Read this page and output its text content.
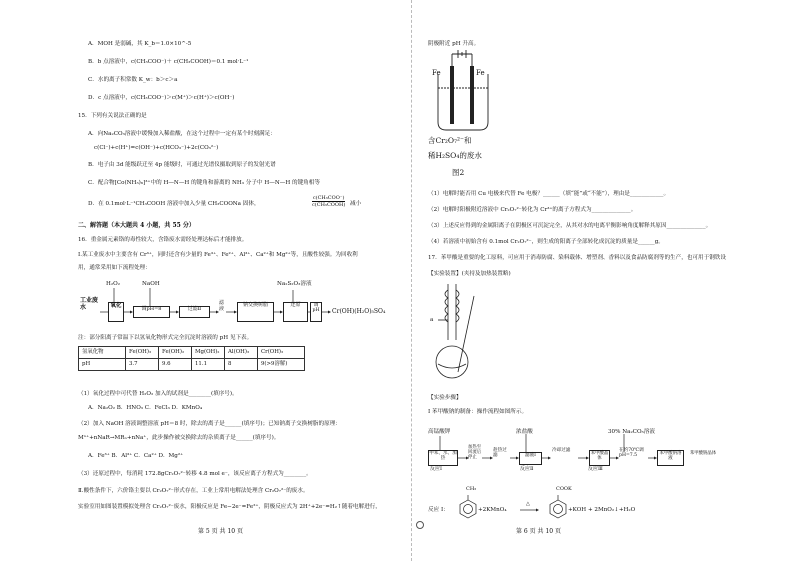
A．MOH 是弱碱，其 K_b＝1.0×10^-5
B．b 点溶液中，c(CH₃COO⁻)＋ c(CH₃COOH)＝0.1 mol·L⁻¹
C．水的离子积常数 K_w：b＞c＞a
D．c 点溶液中，c(CH₃COO⁻)＞c(M⁺)＞c(H⁺)＞c(OH⁻)
15．下列有关说法正确的是
A．向Na₂CO₃溶液中缓慢加入稀盐酸，在这个过程中一定有某个时刻满足：
c(Cl⁻)+c(H⁺)=c(OH⁻)+c(HCO₃⁻)+2c(CO₃²⁻)
B．电子由 3d 能级跃迁至 4p 能级时，可通过光谱仪摄取到原子的发射光谱
C．配合物[Co(NH₃)₆]³⁺中的 H—N—H 的键角和游离的 NH₃ 分子中 H—N—H 的键角相等
D．在 0.1mol·L⁻¹CH₃COOH 溶液中加入少量 CH₃COONa 固体，
c(CH₃COO⁻)
c(CH₃COOH) 减小
二、解答题（本大题共 4 小题，共 55 分）
16．重金属元素铬的毒性较大，含铬废水需经处理达标后才能排放。
Ⅰ.某工业废水中主要含有 Cr³⁺，同时还含有少量的 Fe³⁺、Fe²⁺、Al³⁺、Ca²⁺和 Mg²⁺等，且酸性较强。为回收利
用，通常采用如下流程处理：
H₂O₂	NaOH	Na₂S₂O₃溶液
工业废水	氧化	调pH=8	过滤Ⅱ
滤液
钠交换树脂	还原	调pH	Cr(OH)(H₂O)₅SO₄
注：部分阳离子常温下以氢氧化物形式完全沉淀时溶液的 pH 见下表。
氢氧化物	Fe(OH)₃	Fe(OH)₂	Mg(OH)₂	Al(OH)₃	Cr(OH)₃
pH	3.7	9.6	11.1	8	9(>9溶解)
（1）氧化过程中可代替 H₂O₂ 加入的试剂是________(填序号)。
A．Na₂O₂ B．HNO₃ C．FeCl₃ D．KMnO₄
（2）加入 NaOH 溶液调整溶液 pH＝8 时，除去的离子是______(填序号)；已知钠离子交换树脂的原理：
Mⁿ⁺+nNaR→MRₙ+nNa⁺，此步操作被交换除去的杂质离子是______(填序号)。
A．Fe³⁺ B．Al³⁺ C．Ca²⁺ D．Mg²⁺
（3）还原过程中，每消耗 172.8gCr₂O₇²⁻转移 4.8 mol e⁻，该反应离子方程式为________。
Ⅱ.酸性条件下，六价铬主要以 Cr₂O₇²⁻形式存在，工业上常用电解法处理含 Cr₂O₇²⁻的废水。
实验室用如图装置模拟处理含 Cr₂O₇²⁻废水，阳极反应是 Fe−2e⁻=Fe²⁺，阴极反应式为 2H⁺+2e⁻=H₂↑随着电解进行，
第 5 页 共 10 页
阴极附近 pH 升高。
Fe	Fe
含Cr₂O₇²⁻和
稀H₂SO₄的废水
图2
（1）电解时能否用 Cu 电极来代替 Fe 电极？______（填“能”或“不能”），理由是____________。
（2）电解时阳极附近溶液中 Cr₂O₇²⁻转化为 Cr³⁺的离子方程式为______________。
（3）上述反应得到的金属阳离子在阴极区可沉淀完全，从其对水的电离平衡影响角度解释其原因______________。
（4）若溶液中初始含有 0.1mol Cr₂O₇²⁻，则生成的阳离子全部转化成沉淀的质量是______g。
17．苯甲酸是重要的化工原料，可应用于消毒防腐、染料载体、增塑剂、香料以及食品防腐剂等的生产，也可用于钢铁设
【实验装置】(夹持及加热装置略)
a
【实验步骤】
Ⅰ 苯甲酸钠的制备：操作流程如图所示。
高锰酸钾	浓盐酸	30% Na₂CO₃溶液
甲苯、水、加热
反应Ⅰ
加热至回流后停止
趁热过滤	滤液Ⅰ
反应Ⅱ
冷却过滤
苯甲酸晶体
反应Ⅲ
在约70℃调pH=7.5	苯甲酸钠溶液
苯甲酸钠晶体
反应 I：
CH₃	COOK
+2KMnO₄
△
+KOH + 2MnO₂↓+H₂O
第 6 页 共 10 页
